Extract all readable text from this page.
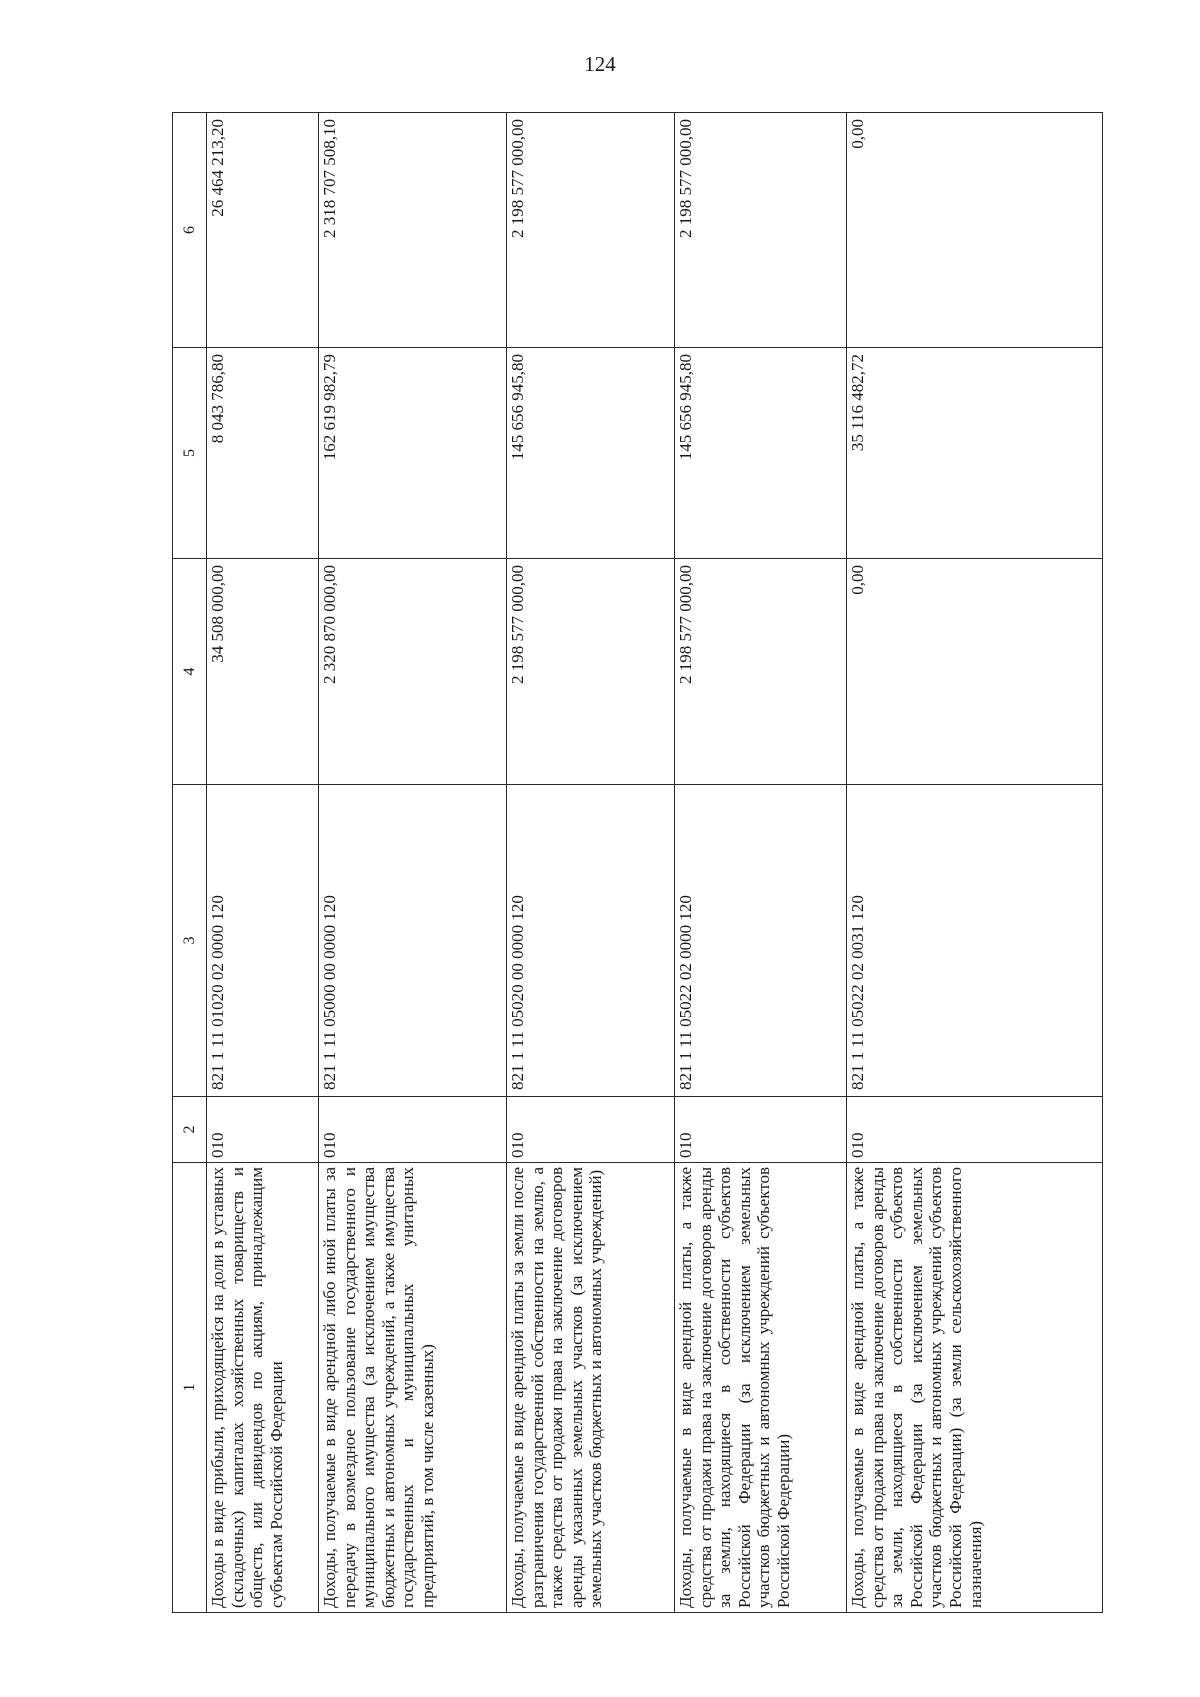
124
1	2	3	4	5	6
Доходы в виде прибыли, приходящейся на доли в уставных (складочных) капиталах хозяйственных товариществ и обществ, или дивидендов по акциям, принадлежащим субъектам Российской Федерации	010	821 1 11 01020 02 0000 120	34 508 000,00	8 043 786,80	26 464 213,20
Доходы, получаемые в виде арендной либо иной платы за передачу в возмездное пользование государственного и муниципального имущества (за исключением имущества бюджетных и автономных учреждений, а также имущества государственных и муниципальных унитарных предприятий, в том числе казенных)	010	821 1 11 05000 00 0000 120	2 320 870 000,00	162 619 982,79	2 318 707 508,10
Доходы, получаемые в виде арендной платы за земли после разграничения государственной собственности на землю, а также средства от продажи права на заключение договоров аренды указанных земельных участков (за исключением земельных участков бюджетных и автономных учреждений)	010	821 1 11 05020 00 0000 120	2 198 577 000,00	145 656 945,80	2 198 577 000,00
Доходы, получаемые в виде арендной платы, а также средства от продажи права на заключение договоров аренды за земли, находящиеся в собственности субъектов Российской Федерации (за исключением земельных участков бюджетных и автономных учреждений субъектов Российской Федерации)	010	821 1 11 05022 02 0000 120	2 198 577 000,00	145 656 945,80	2 198 577 000,00
Доходы, получаемые в виде арендной платы, а также средства от продажи права на заключение договоров аренды за земли, находящиеся в собственности субъектов Российской Федерации (за исключением земельных участков бюджетных и автономных учреждений субъектов Российской Федерации) (за земли сельскохозяйственного назначения)	010	821 1 11 05022 02 0031 120	0,00	35 116 482,72	0,00
